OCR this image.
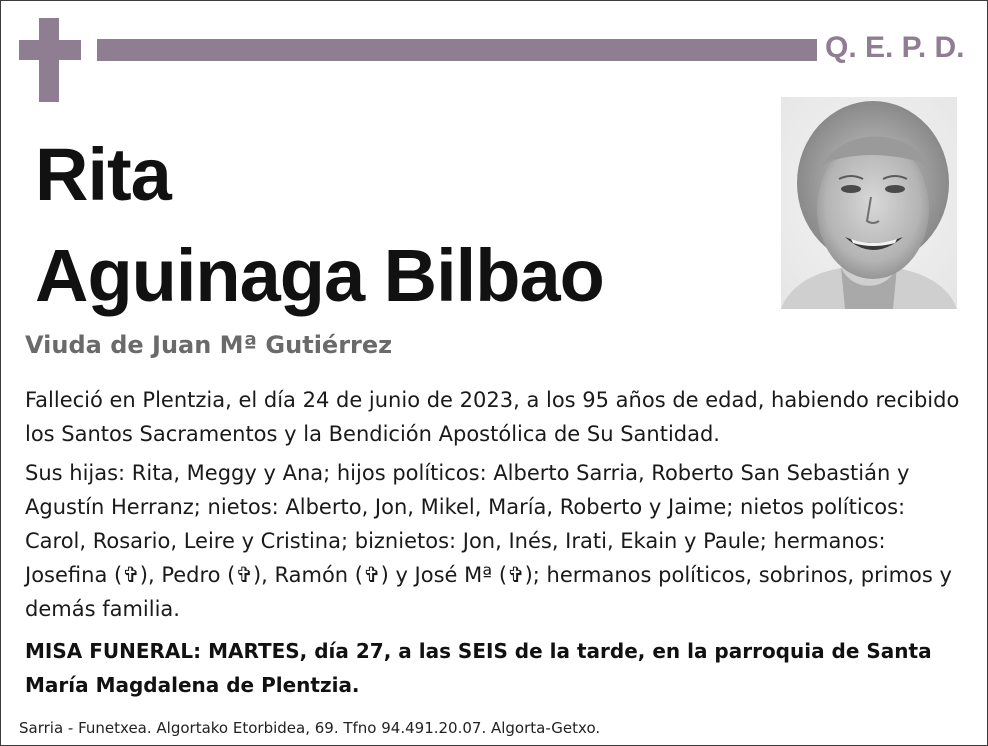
Q. E. P. D.
Rita
Aguinaga Bilbao
Viuda de Juan Mª Gutiérrez

Falleció en Plentzia, el día 24 de junio de 2023, a los 95 años de edad, habiendo recibido los Santos Sacramentos y la Bendición Apostólica de Su Santidad.

Sus hijas: Rita, Meggy y Ana; hijos políticos: Alberto Sarria, Roberto San Sebastián y Agustín Herranz; nietos: Alberto, Jon, Mikel, María, Roberto y Jaime; nietos políticos: Carol, Rosario, Leire y Cristina; biznietos: Jon, Inés, Irati, Ekain y Paule; hermanos: Josefina (✞), Pedro (✞), Ramón (✞) y José Mª (✞); hermanos políticos, sobrinos, primos y demás familia.

MISA FUNERAL: MARTES, día 27, a las SEIS de la tarde, en la parroquia de Santa María Magdalena de Plentzia.

Sarria - Funetxea. Algortako Etorbidea, 69. Tfno 94.491.20.07. Algorta-Getxo.
